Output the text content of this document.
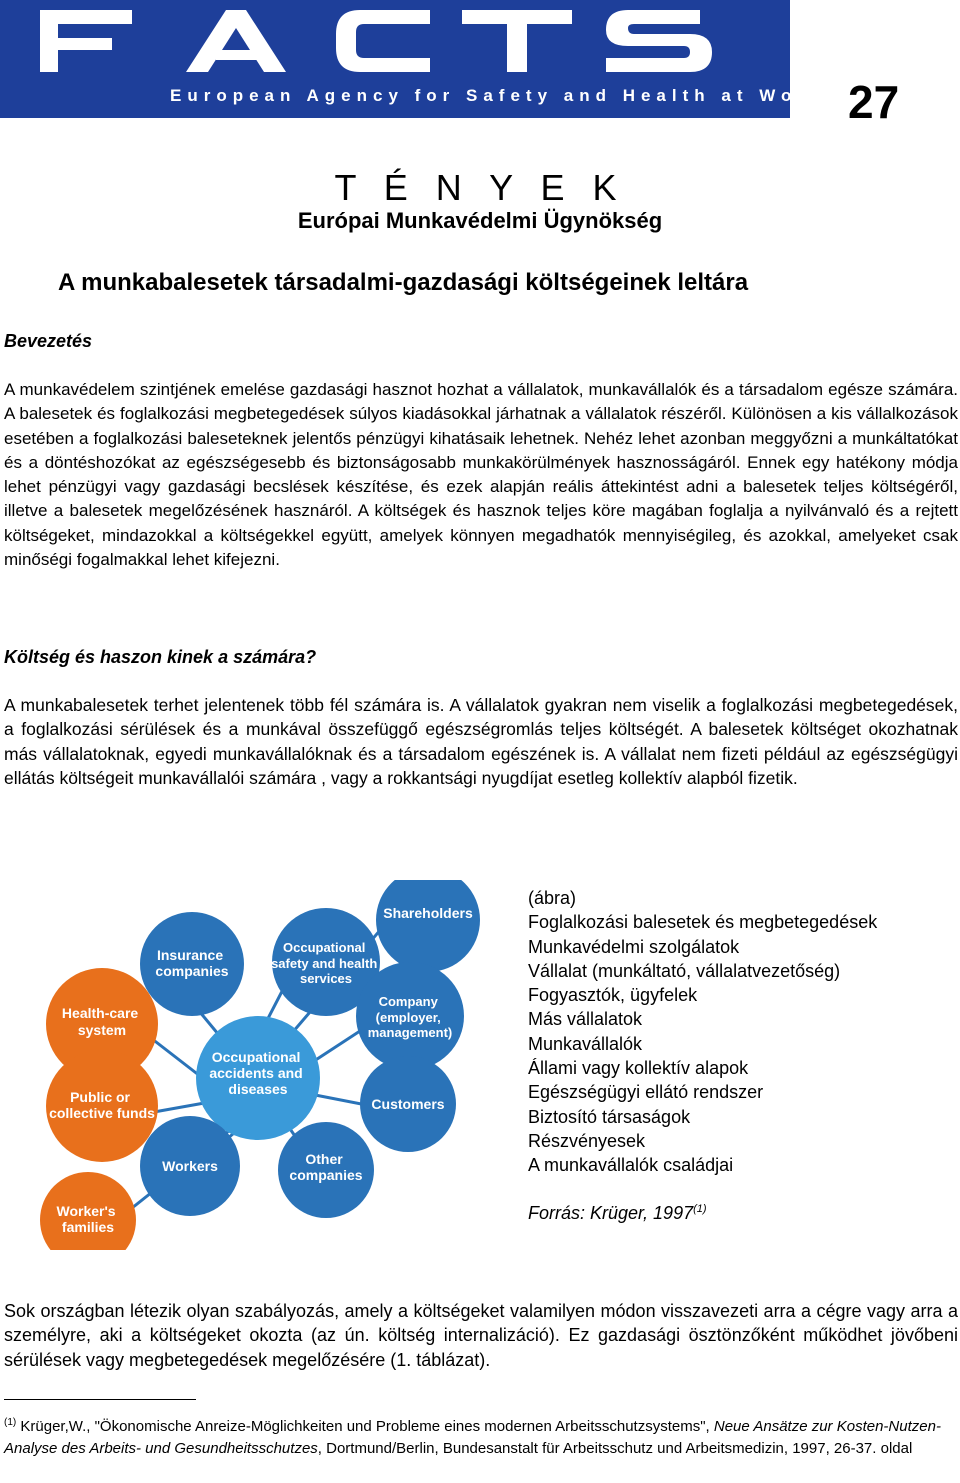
European Agency for Safety and Health at Work 27
T É N Y E K
Európai Munkavédelmi Ügynökség
A munkabalesetek társadalmi-gazdasági költségeinek leltára
Bevezetés

A munkavédelem szintjének emelése gazdasági hasznot hozhat a vállalatok, munkavállalók és a társadalom egésze számára. A balesetek és foglalkozási megbetegedések súlyos kiadásokkal járhatnak a vállalatok részéről. Különösen a kis vállalkozások esetében a foglalkozási baleseteknek jelentős pénzügyi kihatásaik lehetnek. Nehéz lehet azonban meggyőzni a munkáltatókat és a döntéshozókat az egészségesebb és biztonságosabb munkakörülmények hasznosságáról. Ennek egy hatékony módja lehet pénzügyi vagy gazdasági becslések készítése, és ezek alapján reális áttekintést adni a balesetek teljes költségéről, illetve a balesetek megelőzésének hasznáról. A költségek és hasznok teljes köre magában foglalja a nyilvánvaló és a rejtett költségeket, mindazokkal a költségekkel együtt, amelyek könnyen megadhatók mennyiségileg, és azokkal, amelyeket csak minőségi fogalmakkal lehet kifejezni.

Költség és haszon kinek a számára?

A munkabalesetek terhet jelentenek több fél számára is. A vállalatok gyakran nem viselik a foglalkozási megbetegedések, a foglalkozási sérülések és a munkával összefüggő egészségromlás teljes költségét. A balesetek költséget okozhatnak más vállalatoknak, egyedi munkavállalóknak és a társadalom egészének is. A vállalat nem fizeti például az egészségügyi ellátás költségeit munkavállalói számára , vagy a rokkantsági nyugdíjat esetleg kollektív alapból fizetik.

Shareholders
Insurance companies
Occupational safety and health services
Health-care system
Company (employer, management)
Occupational accidents and diseases
Public or collective funds
Customers
Workers	Other companies
Worker's families
(ábra)
Foglalkozási balesetek és megbetegedések
Munkavédelmi szolgálatok
Vállalat (munkáltató, vállalatvezetőség)
Fogyasztók, ügyfelek
Más vállalatok
Munkavállalók
Állami vagy kollektív alapok
Egészségügyi ellátó rendszer
Biztosító társaságok
Részvényesek
A munkavállalók családjai
Forrás: Krüger, 1997$^{(1)}$

Sok országban létezik olyan szabályozás, amely a költségeket valamilyen módon visszavezeti arra a cégre vagy arra a személyre, aki a költségeket okozta (az ún. költség internalizáció). Ez gazdasági ösztönzőként működhet jövőbeni sérülések vagy megbetegedések megelőzésére (1. táblázat).

$^{(1)}$ Krüger,W., "Ökonomische Anreize-Möglichkeiten und Probleme eines modernen Arbeitsschutzsystems", Neue Ansätze zur Kosten-Nutzen-Analyse des Arbeits- und Gesundheitsschutzes, Dortmund/Berlin, Bundesanstalt für Arbeitsschutz und Arbeitsmedizin, 1997, 26-37. oldal
